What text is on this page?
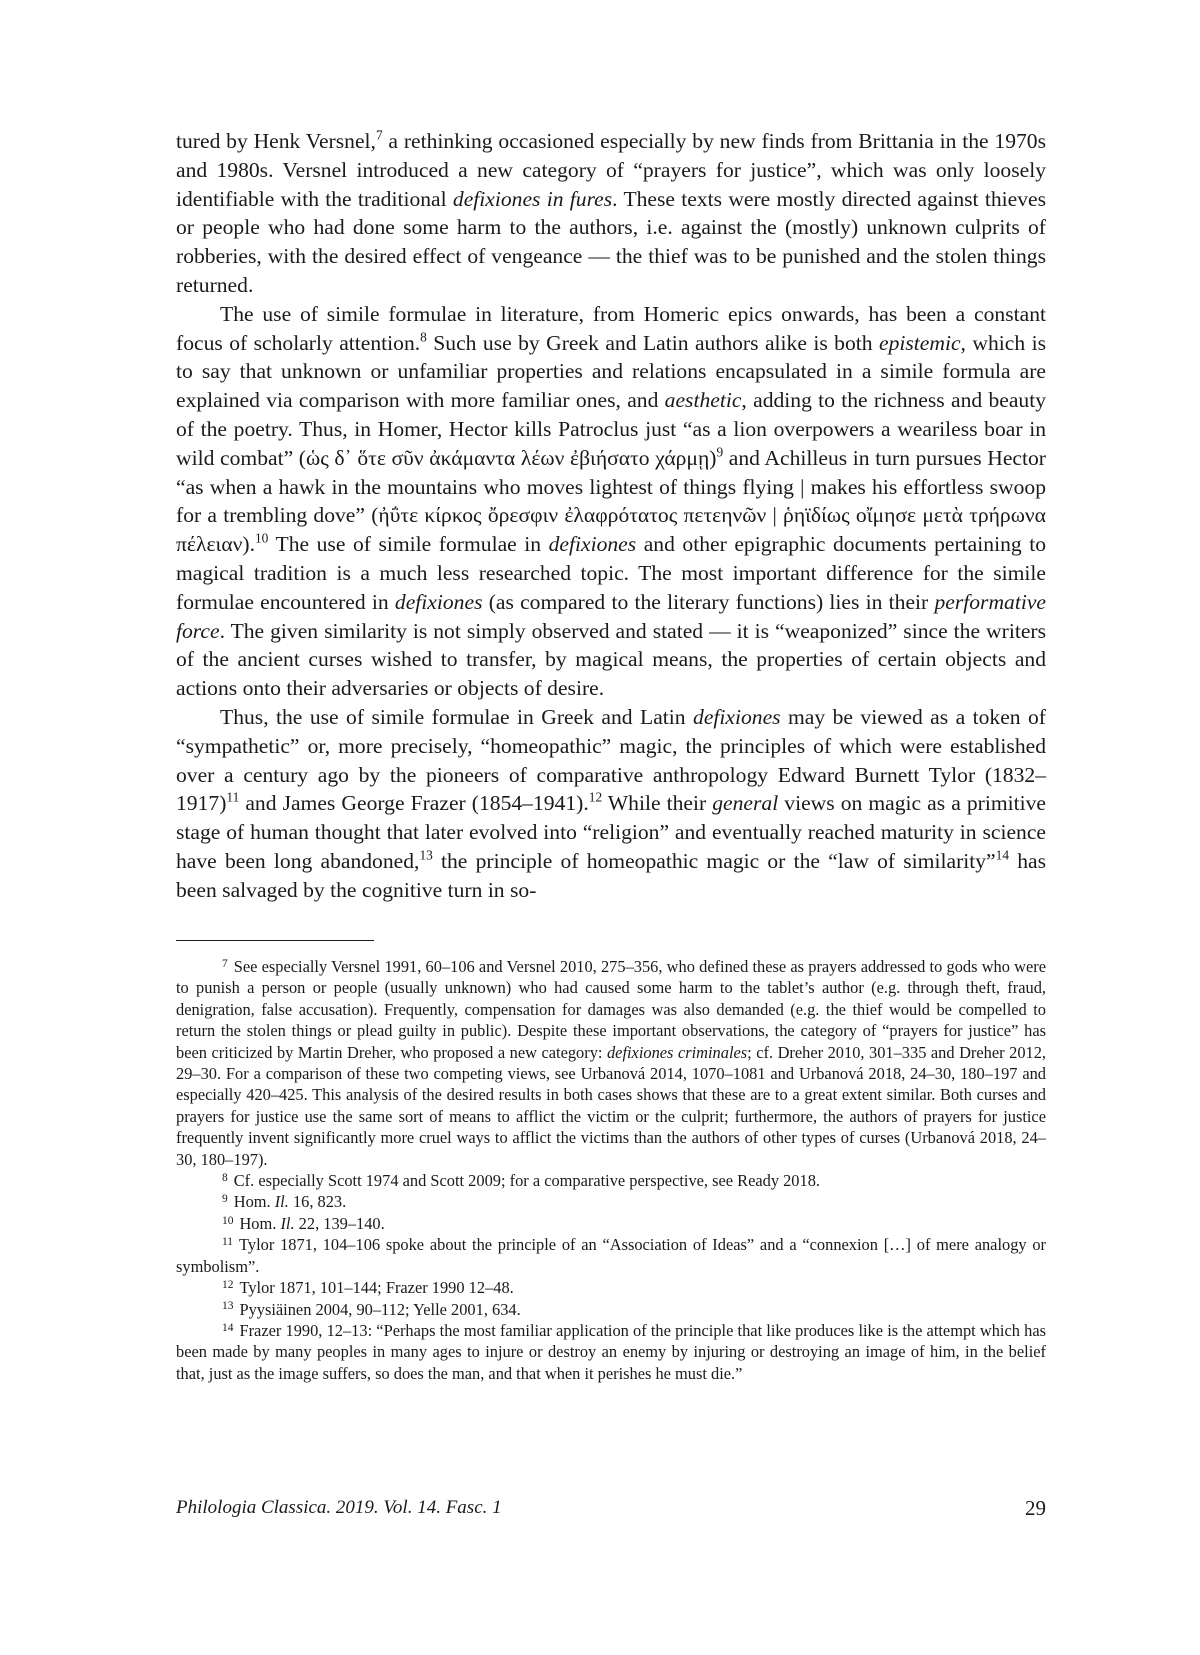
tured by Henk Versnel,$^7$ a rethinking occasioned especially by new finds from Brittania in the 1970s and 1980s. Versnel introduced a new category of “prayers for justice”, which was only loosely identifiable with the traditional defixiones in fures. These texts were mostly directed against thieves or people who had done some harm to the authors, i.e. against the (mostly) unknown culprits of robberies, with the desired effect of vengeance — the thief was to be punished and the stolen things returned.

The use of simile formulae in literature, from Homeric epics onwards, has been a constant focus of scholarly attention.$^8$ Such use by Greek and Latin authors alike is both epistemic, which is to say that unknown or unfamiliar properties and relations encapsulated in a simile formula are explained via comparison with more familiar ones, and aesthetic, adding to the richness and beauty of the poetry. Thus, in Homer, Hector kills Patroclus just “as a lion overpowers a weariless boar in wild combat” (ὡς δ᾽ ὅτε σῦν ἀκάμαντα λέων ἐβιήσατο χάρμῃ)$^9$ and Achilleus in turn pursues Hector “as when a hawk in the mountains who moves lightest of things flying | makes his effortless swoop for a trembling dove” (ἠΰτε κίρκος ὄρεσφιν ἐλαφρότατος πετεηνῶν | ῥηϊδίως οἴμησε μετὰ τρήρωνα πέλειαν).$^{10}$ The use of simile formulae in defixiones and other epigraphic documents pertaining to magical tradition is a much less researched topic. The most important difference for the simile formulae encountered in defixiones (as compared to the literary functions) lies in their performative force. The given similarity is not simply observed and stated — it is “weaponized” since the writers of the ancient curses wished to transfer, by magical means, the properties of certain objects and actions onto their adversaries or objects of desire.

Thus, the use of simile formulae in Greek and Latin defixiones may be viewed as a token of “sympathetic” or, more precisely, “homeopathic” magic, the principles of which were established over a century ago by the pioneers of comparative anthropology Edward Burnett Tylor (1832–1917)$^{11}$ and James George Frazer (1854–1941).$^{12}$ While their general views on magic as a primitive stage of human thought that later evolved into “religion” and eventually reached maturity in science have been long abandoned,$^{13}$ the principle of homeopathic magic or the “law of similarity”$^{14}$ has been salvaged by the cognitive turn in so-

$^7$ See especially Versnel 1991, 60–106 and Versnel 2010, 275–356, who defined these as prayers addressed to gods who were to punish a person or people (usually unknown) who had caused some harm to the tablet’s author (e.g. through theft, fraud, denigration, false accusation). Frequently, compensation for damages was also demanded (e.g. the thief would be compelled to return the stolen things or plead guilty in public). Despite these important observations, the category of “prayers for justice” has been criticized by Martin Dreher, who proposed a new category: defixiones criminales; cf. Dreher 2010, 301–335 and Dreher 2012, 29–30. For a comparison of these two competing views, see Urbanová 2014, 1070–1081 and Urbanová 2018, 24–30, 180–197 and especially 420–425. This analysis of the desired results in both cases shows that these are to a great extent similar. Both curses and prayers for justice use the same sort of means to afflict the victim or the culprit; furthermore, the authors of prayers for justice frequently invent significantly more cruel ways to afflict the victims than the authors of other types of curses (Urbanová 2018, 24–30, 180–197).

$^8$ Cf. especially Scott 1974 and Scott 2009; for a comparative perspective, see Ready 2018.

$^9$ Hom. Il. 16, 823.

$^{10}$ Hom. Il. 22, 139–140.

$^{11}$ Tylor 1871, 104–106 spoke about the principle of an “Association of Ideas” and a “connexion […] of mere analogy or symbolism”.

$^{12}$ Tylor 1871, 101–144; Frazer 1990 12–48.

$^{13}$ Pyysiäinen 2004, 90–112; Yelle 2001, 634.

$^{14}$ Frazer 1990, 12–13: “Perhaps the most familiar application of the principle that like produces like is the attempt which has been made by many peoples in many ages to injure or destroy an enemy by injuring or destroying an image of him, in the belief that, just as the image suffers, so does the man, and that when it perishes he must die.”

Philologia Classica. 2019. Vol. 14. Fasc. 1	29
